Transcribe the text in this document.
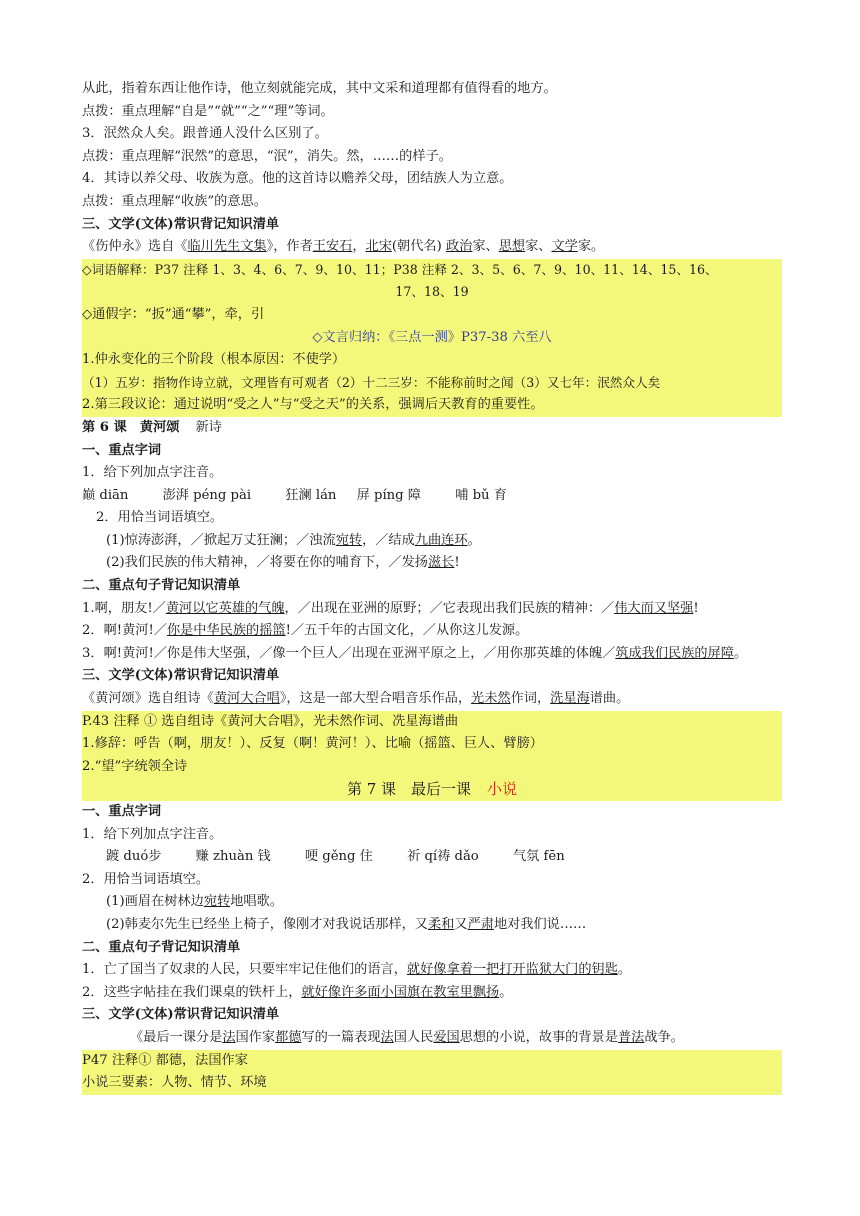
从此，指着东西让他作诗，他立刻就能完成，其中文采和道理都有值得看的地方。
点拨：重点理解“自是”“就”“之”“理”等词。
3．泯然众人矣。跟普通人没什么区别了。
点拨：重点理解“泯然”的意思，“泯”，消失。然，……的样子。
4．其诗以养父母、收族为意。他的这首诗以赡养父母，团结族人为立意。
点拨：重点理解“收族”的意思。
三、文学(文体)常识背记知识清单
《伤仲永》选自《临川先生文集》，作者王安石，北宋(朝代名) 政治家、思想家、文学家。
◇词语解释：P37 注释 1、3、4、6、7、9、10、11；P38 注释 2、3、5、6、7、9、10、11、14、15、16、
17、18、19
◇通假字：“扳”通“攀”，牵，引
◇文言归纳：《三点一测》P37-38 六至八
1.仲永变化的三个阶段（根本原因：不使学）
（1）五岁：指物作诗立就，文理皆有可观者（2）十二三岁：不能称前时之闻（3）又七年：泯然众人矣
2.第三段议论：通过说明“受之人”与“受之天”的关系，强调后天教育的重要性。
第 6 课　黄河颂 新诗
一、重点字词
1．给下列加点字注音。
巅 diān	澎湃 péng pài	狂澜 lán 屏 píng 障	哺 bǔ 育
2．用恰当词语填空。
(1)惊涛澎湃，／掀起万丈狂澜；／浊流宛转，／结成九曲连环。
(2)我们民族的伟大精神，／将要在你的哺育下，／发扬滋长!
二、重点句子背记知识清单
1.啊，朋友!／黄河以它英雄的气魄，／出现在亚洲的原野；／它表现出我们民族的精神：／伟大而又坚强!
2．啊!黄河!／你是中华民族的摇篮!／五千年的古国文化，／从你这儿发源。
3．啊!黄河!／你是伟大坚强，／像一个巨人／出现在亚洲平原之上，／用你那英雄的体魄／筑成我们民族的屏障。
三、文学(文体)常识背记知识清单
《黄河颂》选自组诗《黄河大合唱》，这是一部大型合唱音乐作品，光未然作词，洗星海谱曲。
P.43 注释 ① 选自组诗《黄河大合唱》，光未然作词、冼星海谱曲
1.修辞：呼告（啊，朋友！）、反复（啊！黄河！）、比喻（摇篮、巨人、臂膀）
2.“望”字统领全诗
第 7 课　最后一课 小说
一、重点字词
1．给下列加点字注音。
踱 duó步	赚 zhuàn 钱	哽 gěng 住	祈 qí祷 dǎo	气氛 fēn
2．用恰当词语填空。
(1)画眉在树林边宛转地唱歌。
(2)韩麦尔先生已经坐上椅子，像刚才对我说话那样，又柔和又严肃地对我们说……
二、重点句子背记知识清单
1．亡了国当了奴隶的人民，只要牢牢记住他们的语言，就好像拿着一把打开监狱大门的钥匙。
2．这些字帖挂在我们课桌的铁杆上，就好像许多面小国旗在教室里飘扬。
三、文学(文体)常识背记知识清单
《最后一课分是法国作家都德写的一篇表现法国人民爱国思想的小说，故事的背景是普法战争。
P47 注释① 都德，法国作家
小说三要素：人物、情节、环境
